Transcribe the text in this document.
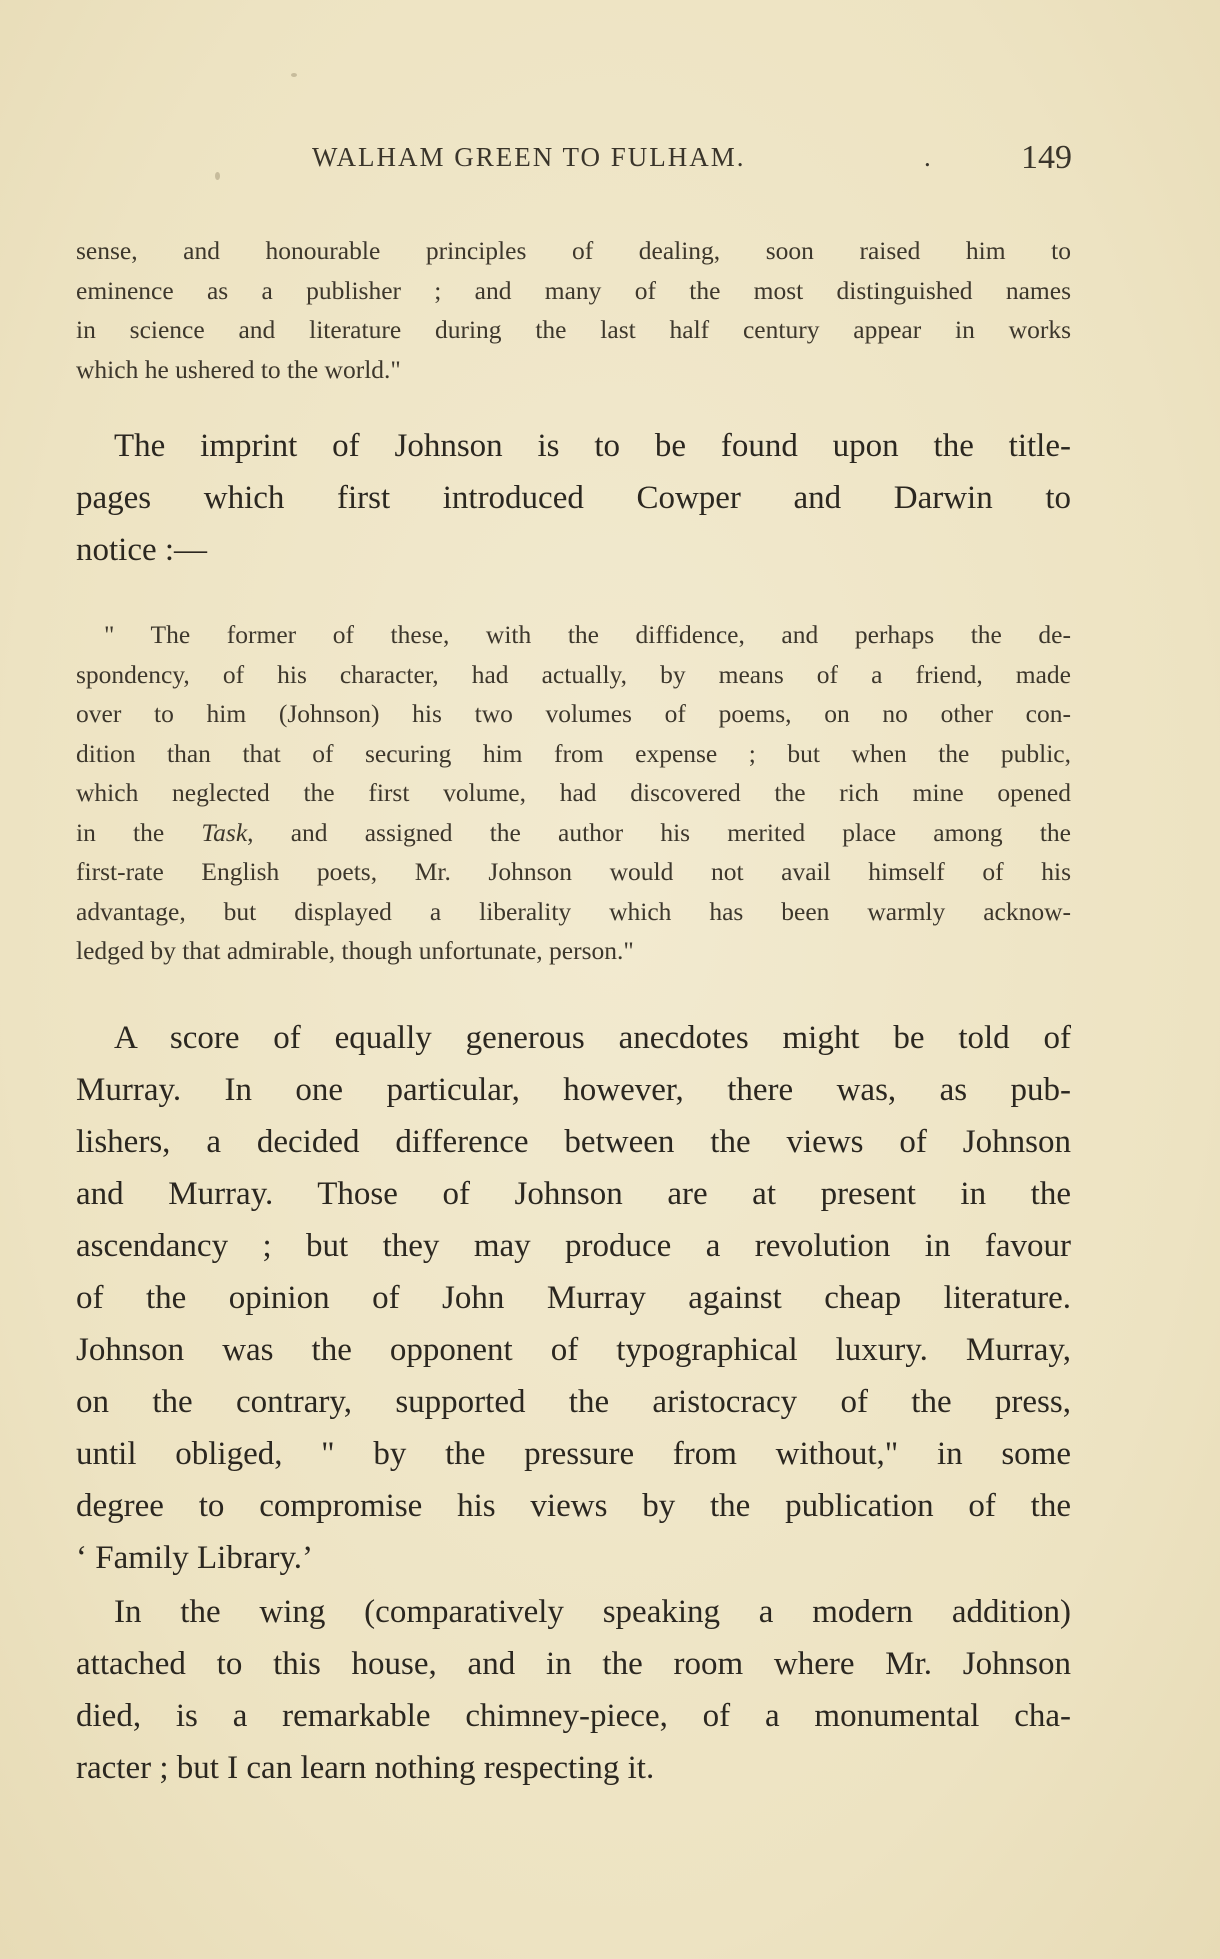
WALHAM GREEN TO FULHAM.	.	149
sense, and honourable principles of dealing, soon raised him to
eminence as a publisher ; and many of the most distinguished names
in science and literature during the last half century appear in works
which he ushered to the world."
The imprint of Johnson is to be found upon the title-
pages which first introduced Cowper and Darwin to
notice :—
" The former of these, with the diffidence, and perhaps the de-
spondency, of his character, had actually, by means of a friend, made
over to him (Johnson) his two volumes of poems, on no other con-
dition than that of securing him from expense ; but when the public,
which neglected the first volume, had discovered the rich mine opened
in the Task, and assigned the author his merited place among the
first-rate English poets, Mr. Johnson would not avail himself of his
advantage, but displayed a liberality which has been warmly acknow-
ledged by that admirable, though unfortunate, person."
A score of equally generous anecdotes might be told of
Murray. In one particular, however, there was, as pub-
lishers, a decided difference between the views of Johnson
and Murray. Those of Johnson are at present in the
ascendancy ; but they may produce a revolution in favour
of the opinion of John Murray against cheap literature.
Johnson was the opponent of typographical luxury. Murray,
on the contrary, supported the aristocracy of the press,
until obliged, " by the pressure from without," in some
degree to compromise his views by the publication of the
‘ Family Library.’
In the wing (comparatively speaking a modern addition)
attached to this house, and in the room where Mr. Johnson
died, is a remarkable chimney-piece, of a monumental cha-
racter ; but I can learn nothing respecting it.
